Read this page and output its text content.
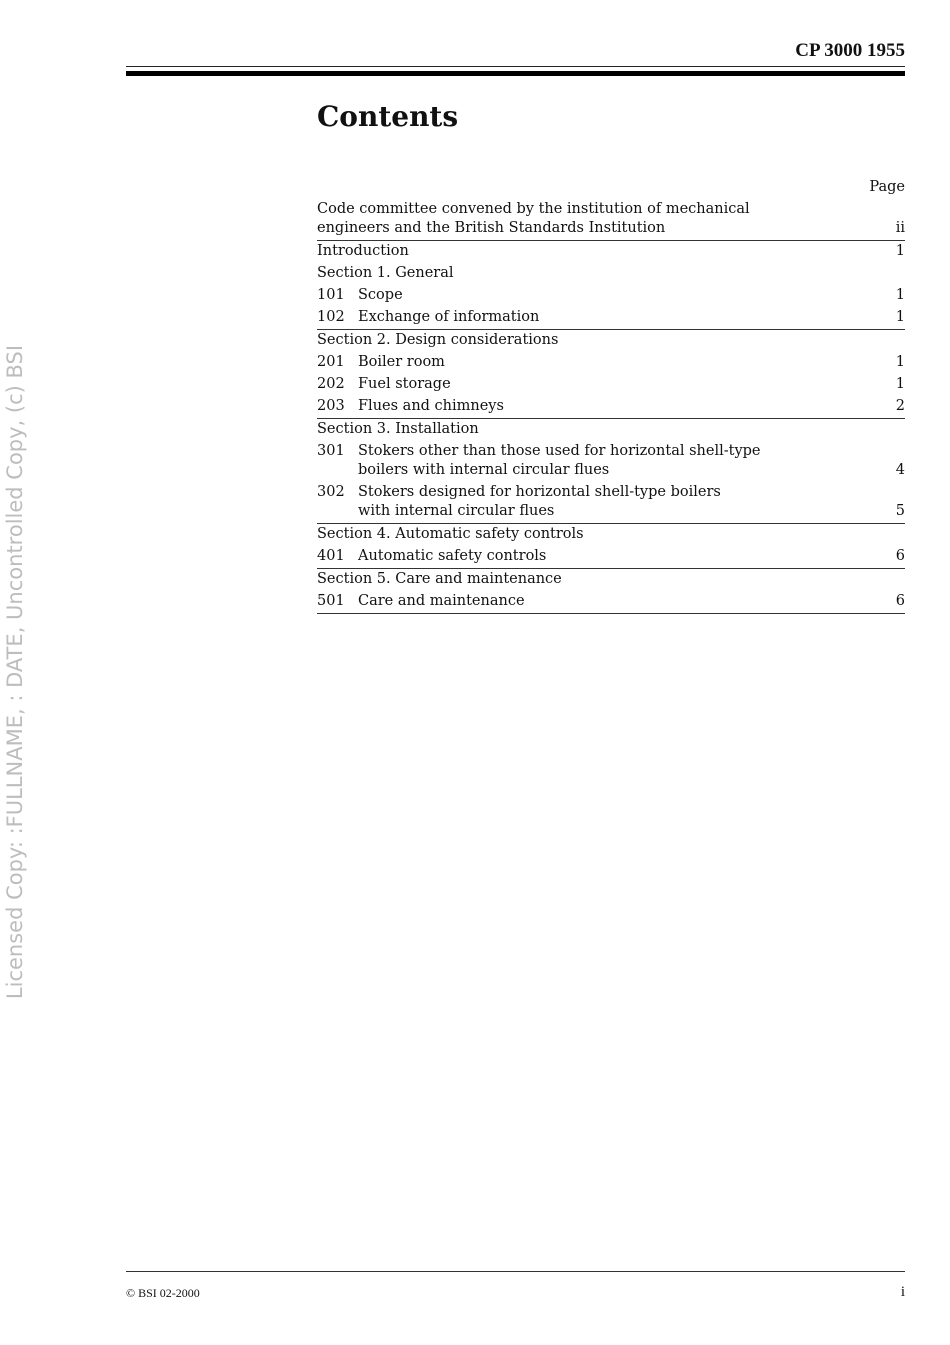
CP 3000 1955
Contents
Page
Code committee convened by the institution of mechanical engineers and the British Standards Institution	ii
Introduction	1
Section 1. General
101 Scope	1
102 Exchange of information	1
Section 2. Design considerations
201 Boiler room	1
202 Fuel storage	1
203 Flues and chimneys	2
Section 3. Installation
301 Stokers other than those used for horizontal shell-type boilers with internal circular flues	4
302 Stokers designed for horizontal shell-type boilers with internal circular flues	5
Section 4. Automatic safety controls
401 Automatic safety controls	6
Section 5. Care and maintenance
501 Care and maintenance	6
Licensed Copy: :FULLNAME, : DATE, Uncontrolled Copy, (c) BSI
© BSI 02-2000	i
